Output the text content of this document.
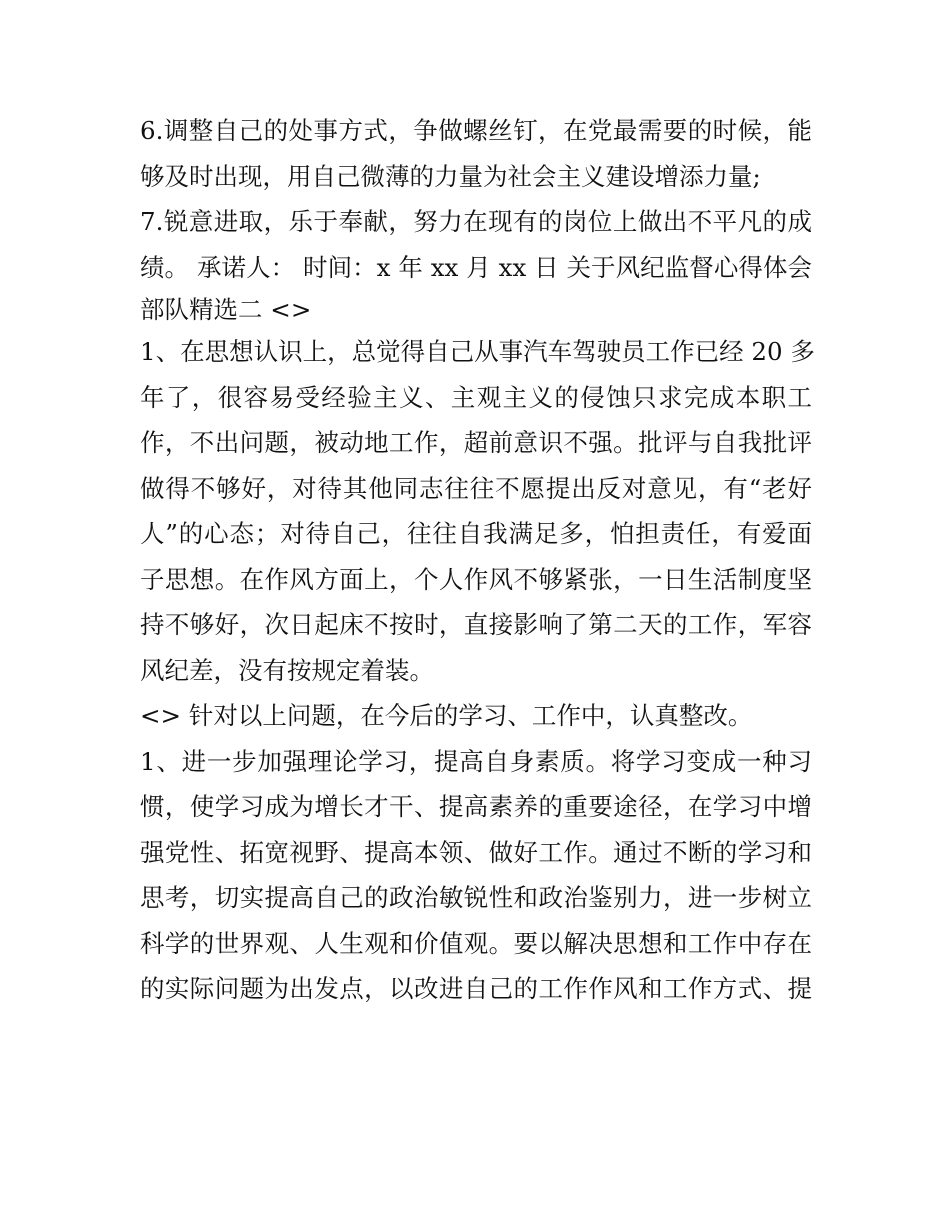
6.调整自己的处事方式，争做螺丝钉，在党最需要的时候，能
够及时出现，用自己微薄的力量为社会主义建设增添力量;
7.锐意进取，乐于奉献，努力在现有的岗位上做出不平凡的成
绩。 承诺人： 时间：x 年 xx 月 xx 日 关于风纪监督心得体会
部队精选二 <>
1、在思想认识上，总觉得自己从事汽车驾驶员工作已经 20 多
年了，很容易受经验主义、主观主义的侵蚀只求完成本职工
作，不出问题，被动地工作，超前意识不强。批评与自我批评
做得不够好，对待其他同志往往不愿提出反对意见，有“老好
人”的心态；对待自己，往往自我满足多，怕担责任，有爱面
子思想。在作风方面上，个人作风不够紧张，一日生活制度坚
持不够好，次日起床不按时，直接影响了第二天的工作，军容
风纪差，没有按规定着装。
<> 针对以上问题，在今后的学习、工作中，认真整改。
1、进一步加强理论学习，提高自身素质。将学习变成一种习
惯，使学习成为增长才干、提高素养的重要途径，在学习中增
强党性、拓宽视野、提高本领、做好工作。通过不断的学习和
思考，切实提高自己的政治敏锐性和政治鉴别力，进一步树立
科学的世界观、人生观和价值观。要以解决思想和工作中存在
的实际问题为出发点，以改进自己的工作作风和工作方式、提
